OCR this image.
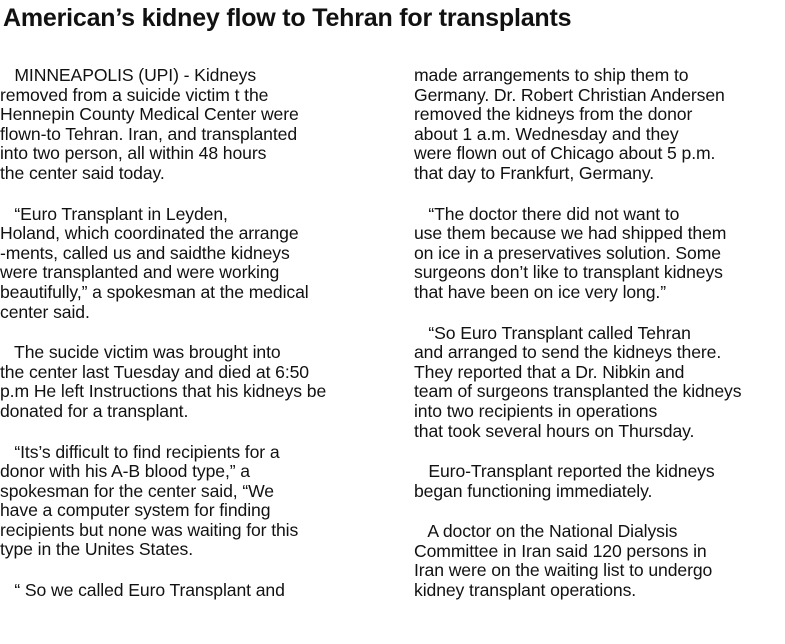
American’s kidney flow to Tehran for transplants
MINNEAPOLIS (UPI) - Kidneys
removed from a suicide victim t the
Hennepin County Medical Center were
flown-to Tehran. Iran, and transplanted
into two person, all within 48 hours
the center said today.
“Euro Transplant in Leyden,
Holand, which coordinated the arrange
-ments, called us and saidthe kidneys
were transplanted and were working
beautifully,” a spokesman at the medical
center said.
The sucide victim was brought into
the center last Tuesday and died at 6:50
p.m He left Instructions that his kidneys be
donated for a transplant.
“Its’s difficult to find recipients for a
donor with his A-B blood type,” a
spokesman for the center said, “We
have a computer system for finding
recipients but none was waiting for this
type in the Unites States.
“ So we called Euro Transplant and
made arrangements to ship them to
Germany. Dr. Robert Christian Andersen
removed the kidneys from the donor
about 1 a.m. Wednesday and they
were flown out of Chicago about 5 p.m.
that day to Frankfurt, Germany.
“The doctor there did not want to
use them because we had shipped them
on ice in a preservatives solution. Some
surgeons don’t like to transplant kidneys
that have been on ice very long.”
“So Euro Transplant called Tehran
and arranged to send the kidneys there.
They reported that a Dr. Nibkin and
team of surgeons transplanted the kidneys
into two recipients in operations
that took several hours on Thursday.
Euro-Transplant reported the kidneys
began functioning immediately.
A doctor on the National Dialysis
Committee in Iran said 120 persons in
Iran were on the waiting list to undergo
kidney transplant operations.
